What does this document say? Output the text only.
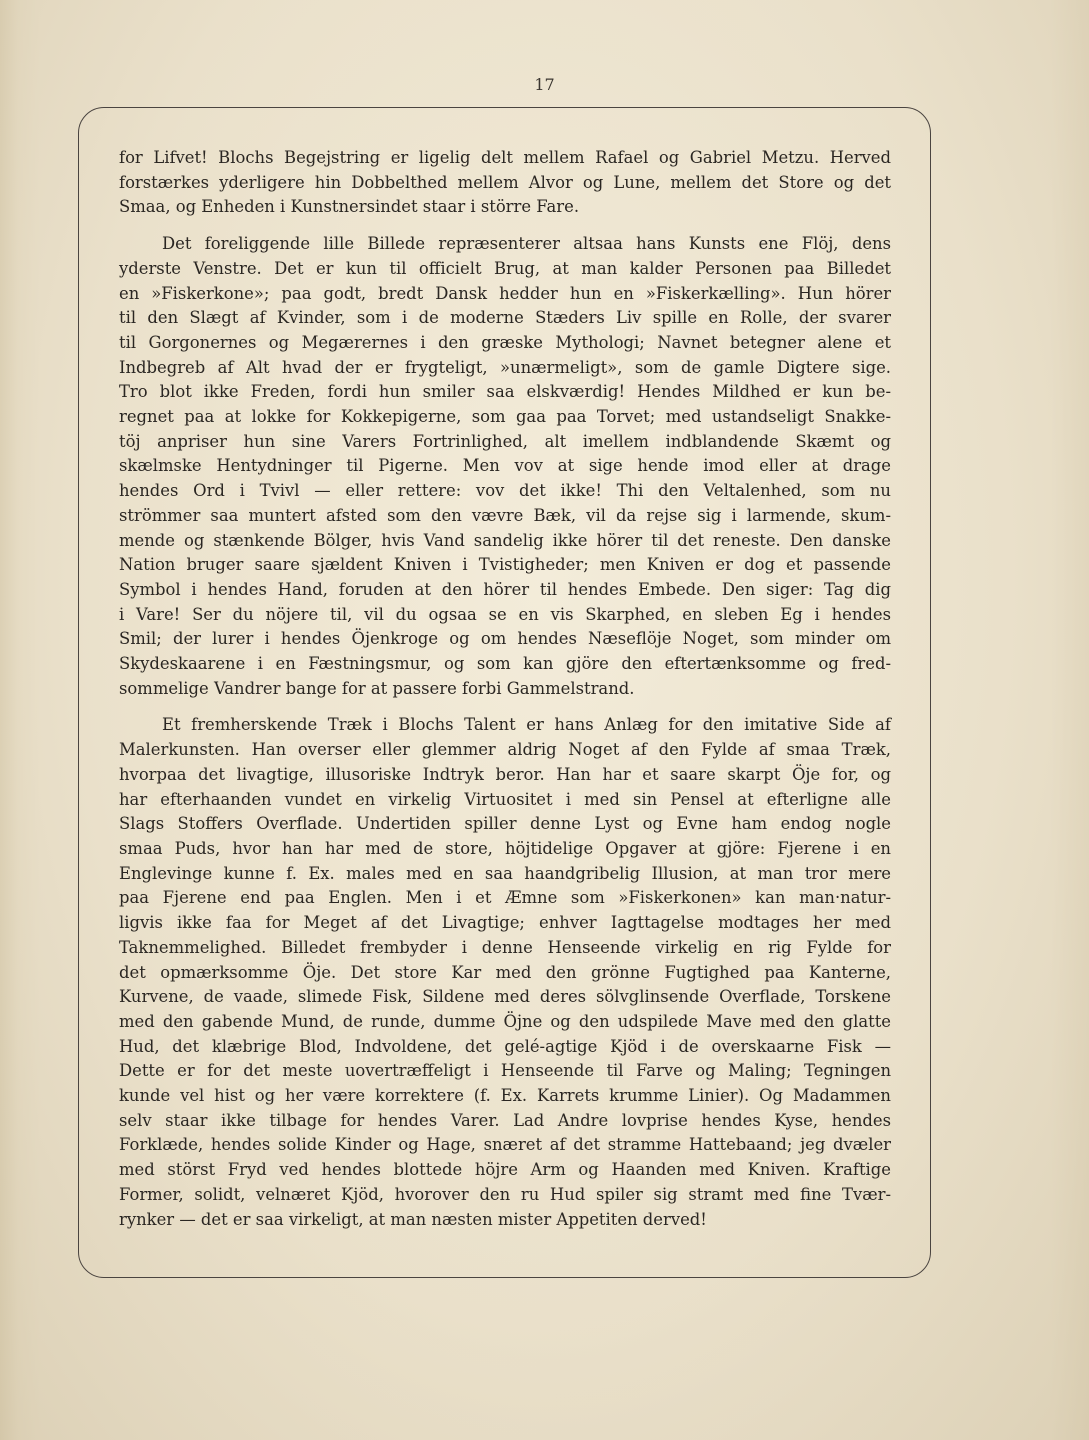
17
for Lifvet! Blochs Begejstring er ligelig delt mellem Rafael og Gabriel Metzu. Herved
forstærkes yderligere hin Dobbelthed mellem Alvor og Lune, mellem det Store og det
Smaa, og Enheden i Kunstnersindet staar i större Fare.
Det foreliggende lille Billede repræsenterer altsaa hans Kunsts ene Flöj, dens
yderste Venstre. Det er kun til officielt Brug, at man kalder Personen paa Billedet
en »Fiskerkone»; paa godt, bredt Dansk hedder hun en »Fiskerkælling». Hun hörer
til den Slægt af Kvinder, som i de moderne Stæders Liv spille en Rolle, der svarer
til Gorgonernes og Megærernes i den græske Mythologi; Navnet betegner alene et
Indbegreb af Alt hvad der er frygteligt, »unærmeligt», som de gamle Digtere sige.
Tro blot ikke Freden, fordi hun smiler saa elskværdig! Hendes Mildhed er kun be-
regnet paa at lokke for Kokkepigerne, som gaa paa Torvet; med ustandseligt Snakke-
töj anpriser hun sine Varers Fortrinlighed, alt imellem indblandende Skæmt og
skælmske Hentydninger til Pigerne. Men vov at sige hende imod eller at drage
hendes Ord i Tvivl — eller rettere: vov det ikke! Thi den Veltalenhed, som nu
strömmer saa muntert afsted som den vævre Bæk, vil da rejse sig i larmende, skum-
mende og stænkende Bölger, hvis Vand sandelig ikke hörer til det reneste. Den danske
Nation bruger saare sjældent Kniven i Tvistigheder; men Kniven er dog et passende
Symbol i hendes Hand, foruden at den hörer til hendes Embede. Den siger: Tag dig
i Vare! Ser du nöjere til, vil du ogsaa se en vis Skarphed, en sleben Eg i hendes
Smil; der lurer i hendes Öjenkroge og om hendes Næseflöje Noget, som minder om
Skydeskaarene i en Fæstningsmur, og som kan gjöre den eftertænksomme og fred-
sommelige Vandrer bange for at passere forbi Gammelstrand.
Et fremherskende Træk i Blochs Talent er hans Anlæg for den imitative Side af
Malerkunsten. Han overser eller glemmer aldrig Noget af den Fylde af smaa Træk,
hvorpaa det livagtige, illusoriske Indtryk beror. Han har et saare skarpt Öje for, og
har efterhaanden vundet en virkelig Virtuositet i med sin Pensel at efterligne alle
Slags Stoffers Overflade. Undertiden spiller denne Lyst og Evne ham endog nogle
smaa Puds, hvor han har med de store, höjtidelige Opgaver at gjöre: Fjerene i en
Englevinge kunne f. Ex. males med en saa haandgribelig Illusion, at man tror mere
paa Fjerene end paa Englen. Men i et Æmne som »Fiskerkonen» kan man·natur-
ligvis ikke faa for Meget af det Livagtige; enhver Iagttagelse modtages her med
Taknemmelighed. Billedet frembyder i denne Henseende virkelig en rig Fylde for
det opmærksomme Öje. Det store Kar med den grönne Fugtighed paa Kanterne,
Kurvene, de vaade, slimede Fisk, Sildene med deres sölvglinsende Overflade, Torskene
med den gabende Mund, de runde, dumme Öjne og den udspilede Mave med den glatte
Hud, det klæbrige Blod, Indvoldene, det gelé-agtige Kjöd i de overskaarne Fisk —
Dette er for det meste uovertræffeligt i Henseende til Farve og Maling; Tegningen
kunde vel hist og her være korrektere (f. Ex. Karrets krumme Linier). Og Madammen
selv staar ikke tilbage for hendes Varer. Lad Andre lovprise hendes Kyse, hendes
Forklæde, hendes solide Kinder og Hage, snæret af det stramme Hattebaand; jeg dvæler
med störst Fryd ved hendes blottede höjre Arm og Haanden med Kniven. Kraftige
Former, solidt, velnæret Kjöd, hvorover den ru Hud spiler sig stramt med fine Tvær-
rynker — det er saa virkeligt, at man næsten mister Appetiten derved!
